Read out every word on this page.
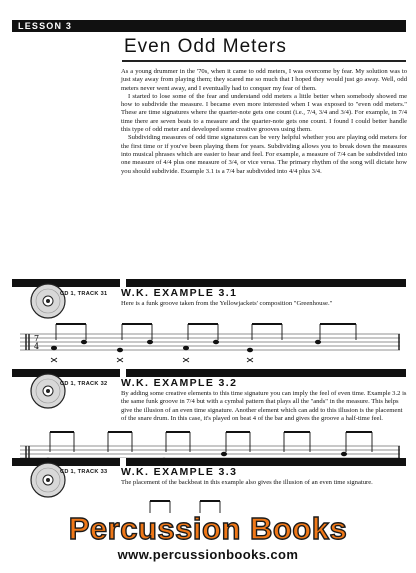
LESSON 3
Even Odd Meters

As a young drummer in the '70s, when it came to odd meters, I was overcome by fear. My solution was to just stay away from playing them; they scared me so much that I hoped they would just go away. Well, odd meters never went away, and I eventually had to conquer my fear of them.

I started to lose some of the fear and understand odd meters a little better when somebody showed me how to subdivide the measure. I became even more interested when I was exposed to "even odd meters." These are time signatures where the quarter-note gets one count (i.e., 7/4, 3/4 and 3/4). For example, in 7/4 time there are seven beats to a measure and the quarter-note gets one count. I found I could better handle this type of odd meter and developed some creative grooves using them.

Subdividing measures of odd time signatures can be very helpful whether you are playing odd meters for the first time or if you've been playing them for years. Subdividing allows you to break down the measures into musical phrases which are easier to hear and feel. For example, a measure of 7/4 can be subdivided into one measure of 4/4 plus one measure of 3/4, or vice versa. The primary rhythm of the song will dictate how you should subdivide. Example 3.1 is a 7/4 bar subdivided into 4/4 plus 3/4.

CD 1, TRACK 31	W.K. EXAMPLE 3.1
Here is a funk groove taken from the Yellowjackets' composition "Greenhouse."
7
4
CD 1, TRACK 32	W.K. EXAMPLE 3.2
By adding some creative elements to this time signature you can imply the feel of even time. Example 3.2 is the same funk groove in 7/4 but with a cymbal pattern that plays all the "ands" in the measure. This helps give the illusion of an even time signature. Another element which can add to this illusion is the placement of the snare drum. In this case, it's played on beat 4 of the bar and gives the groove a half-time feel.
CD 1, TRACK 33	W.K. EXAMPLE 3.3
The placement of the backbeat in this example also gives the illusion of an even time signature.
Percussion Books
www.percussionbooks.com
